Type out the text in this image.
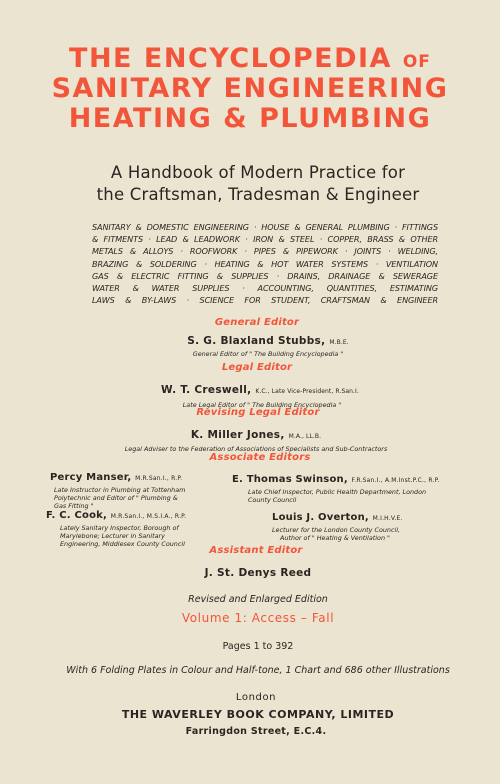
THE ENCYCLOPEDIA OF
SANITARY ENGINEERING
HEATING & PLUMBING
A Handbook of Modern Practice for
the Craftsman, Tradesman & Engineer
SANITARY & DOMESTIC ENGINEERING · HOUSE & GENERAL PLUMBING · FITTINGS
& FITMENTS · LEAD & LEADWORK · IRON & STEEL · COPPER, BRASS & OTHER
METALS & ALLOYS · ROOFWORK · PIPES & PIPEWORK · JOINTS · WELDING,
BRAZING & SOLDERING · HEATING & HOT WATER SYSTEMS · VENTILATION
GAS & ELECTRIC FITTING & SUPPLIES · DRAINS, DRAINAGE & SEWERAGE
WATER & WATER SUPPLIES · ACCOUNTING, QUANTITIES, ESTIMATING
LAWS & BY-LAWS · SCIENCE FOR STUDENT, CRAFTSMAN & ENGINEER
General Editor
S. G. Blaxland Stubbs, M.B.E.
General Editor of " The Building Encyclopedia "
Legal Editor
W. T. Creswell, K.C., Late Vice-President, R.San.I.
Late Legal Editor of " The Building Encyclopedia "
Revising Legal Editor
K. Miller Jones, M.A., LL.B.
Legal Adviser to the Federation of Associations of Specialists and Sub-Contractors
Associate Editors
Percy Manser, M.R.San.I., R.P.
Late Instructor in Plumbing at Tottenham
Polytechnic and Editor of " Plumbing &
Gas Fitting "
E. Thomas Swinson, F.R.San.I., A.M.Inst.P.C., R.P.
Late Chief Inspector, Public Health Department, London
County Council
F. C. Cook, M.R.San.I., M.S.I.A., R.P.
Lately Sanitary Inspector, Borough of
Marylebone; Lecturer in Sanitary
Engineering, Middlesex County Council
Louis J. Overton, M.I.H.V.E.
Lecturer for the London County Council,
Author of " Heating & Ventilation "
Assistant Editor
J. St. Denys Reed
Revised and Enlarged Edition
Volume 1: Access – Fall
Pages 1 to 392
With 6 Folding Plates in Colour and Half-tone, 1 Chart and 686 other Illustrations
London
THE WAVERLEY BOOK COMPANY, LIMITED
Farringdon Street, E.C.4.
